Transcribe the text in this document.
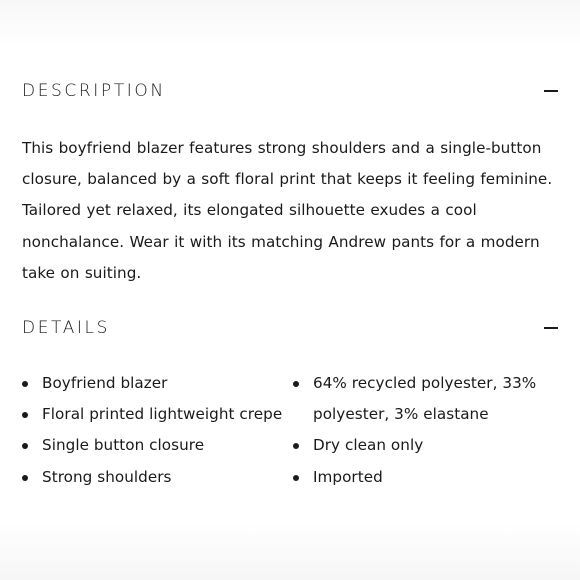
DESCRIPTION

This boyfriend blazer features strong shoulders and a single-button closure, balanced by a soft floral print that keeps it feeling feminine. Tailored yet relaxed, its elongated silhouette exudes a cool nonchalance. Wear it with its matching Andrew pants for a modern take on suiting.

DETAILS
Boyfriend blazer
Floral printed lightweight crepe
Single button closure
Strong shoulders
64% recycled polyester, 33% polyester, 3% elastane
Dry clean only
Imported
